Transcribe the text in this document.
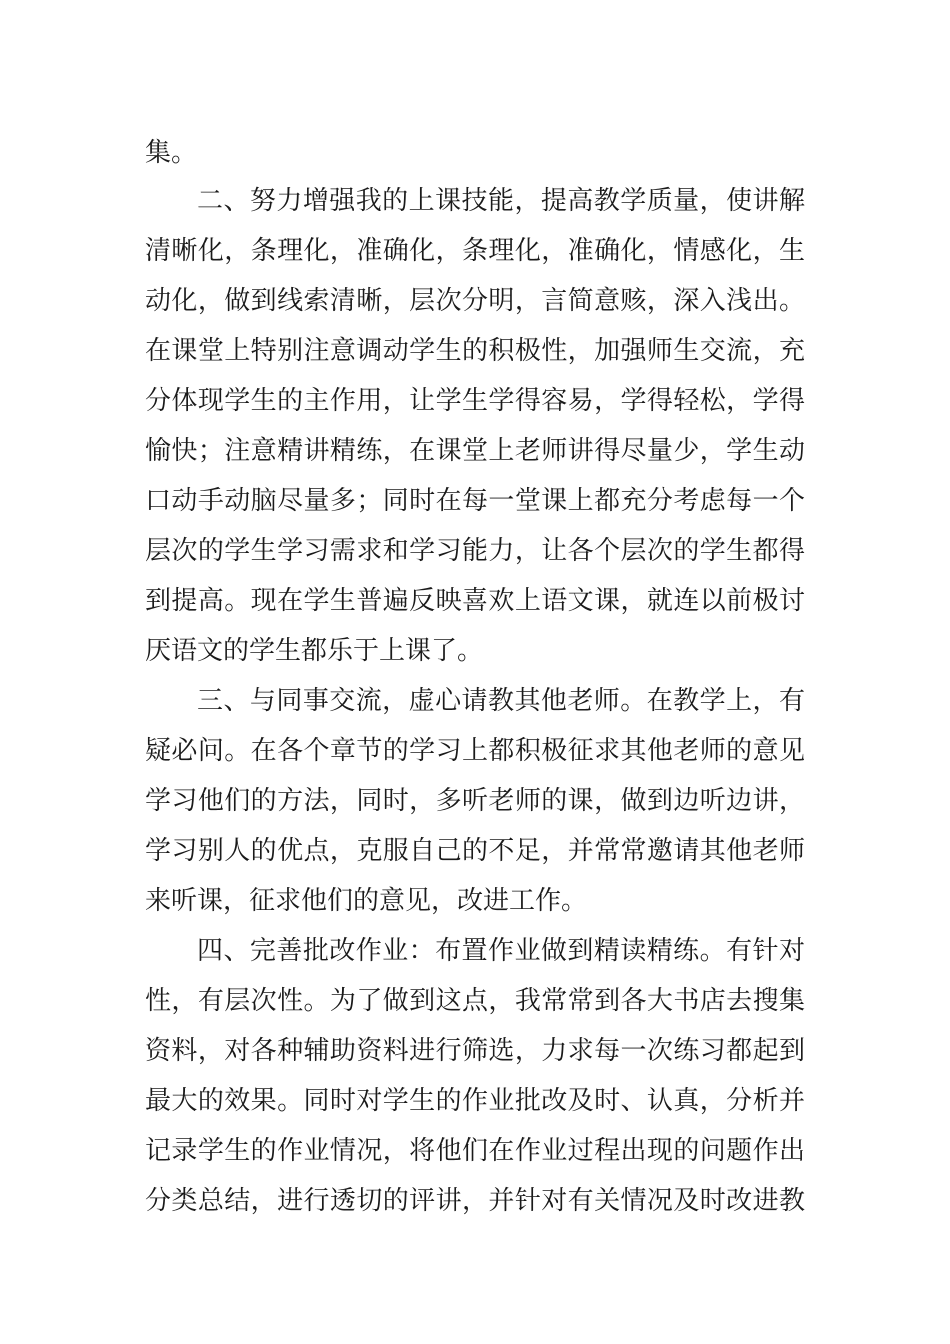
集。
二、努力增强我的上课技能，提高教学质量，使讲解
清晰化，条理化，准确化，条理化，准确化，情感化，生
动化，做到线索清晰，层次分明，言简意赅，深入浅出。
在课堂上特别注意调动学生的积极性，加强师生交流，充
分体现学生的主作用，让学生学得容易，学得轻松，学得
愉快；注意精讲精练，在课堂上老师讲得尽量少，学生动
口动手动脑尽量多；同时在每一堂课上都充分考虑每一个
层次的学生学习需求和学习能力，让各个层次的学生都得
到提高。现在学生普遍反映喜欢上语文课，就连以前极讨
厌语文的学生都乐于上课了。
三、与同事交流，虚心请教其他老师。在教学上，有
疑必问。在各个章节的学习上都积极征求其他老师的意见
学习他们的方法，同时，多听老师的课，做到边听边讲，
学习别人的优点，克服自己的不足，并常常邀请其他老师
来听课，征求他们的意见，改进工作。
四、完善批改作业：布置作业做到精读精练。有针对
性，有层次性。为了做到这点，我常常到各大书店去搜集
资料，对各种辅助资料进行筛选，力求每一次练习都起到
最大的效果。同时对学生的作业批改及时、认真，分析并
记录学生的作业情况，将他们在作业过程出现的问题作出
分类总结，进行透切的评讲，并针对有关情况及时改进教
